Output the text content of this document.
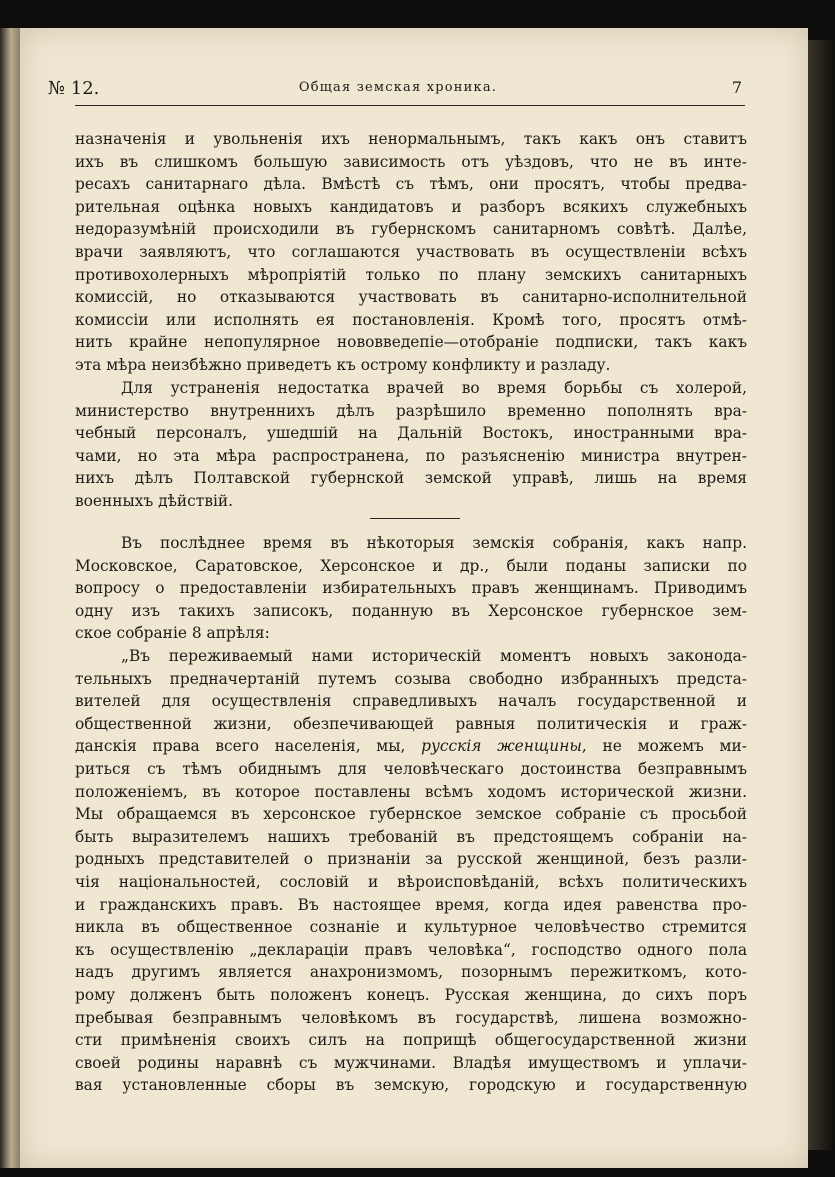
№ 12.	Общая земская хроника.	7

назначенія и увольненія ихъ ненормальнымъ, такъ какъ онъ ставитъ
ихъ въ слишкомъ большую зависимость отъ уѣздовъ, что не въ инте-
ресахъ санитарнаго дѣла. Вмѣстѣ съ тѣмъ, они просятъ, чтобы предва-
рительная оцѣнка новыхъ кандидатовъ и разборъ всякихъ служебныхъ
недоразумѣній происходили въ губернскомъ санитарномъ совѣтѣ. Далѣе,
врачи заявляютъ, что соглашаются участвовать въ осуществленіи всѣхъ
противохолерныхъ мѣропріятій только по плану земскихъ санитарныхъ
комиссій, но отказываются участвовать въ санитарно-исполнительной
комиссіи или исполнять ея постановленія. Кромѣ того, просятъ отмѣ-
нить крайне непопулярное нововведепіе—отобраніе подписки, такъ какъ
эта мѣра неизбѣжно приведетъ къ острому конфликту и разладу.

Для устраненія недостатка врачей во время борьбы съ холерой,
министерство внутреннихъ дѣлъ разрѣшило временно пополнять вра-
чебный персоналъ, ушедшій на Дальній Востокъ, иностранными вра-
чами, но эта мѣра распространена, по разъясненію министра внутрен-
нихъ дѣлъ Полтавской губернской земской управѣ, лишь на время
военныхъ дѣйствій.

Въ послѣднее время въ нѣкоторыя земскія собранія, какъ напр.
Московское, Саратовское, Херсонское и др., были поданы записки по
вопросу о предоставленіи избирательныхъ правъ женщинамъ. Приводимъ
одну изъ такихъ записокъ, поданную въ Херсонское губернское зем-
ское собраніе 8 апрѣля:

„Въ переживаемый нами историческій моментъ новыхъ законода-
тельныхъ предначертаній путемъ созыва свободно избранныхъ предста-
вителей для осуществленія справедливыхъ началъ государственной и
общественной жизни, обезпечивающей равныя политическія и граж-
данскія права всего населенія, мы, русскія женщины, не можемъ ми-
риться съ тѣмъ обиднымъ для человѣческаго достоинства безправнымъ
положеніемъ, въ которое поставлены всѣмъ ходомъ исторической жизни.
Мы обращаемся въ херсонское губернское земское собраніе съ просьбой
быть выразителемъ нашихъ требованій въ предстоящемъ собраніи на-
родныхъ представителей о признаніи за русской женщиной, безъ разли-
чія національностей, сословій и вѣроисповѣданій, всѣхъ политическихъ
и гражданскихъ правъ. Въ настоящее время, когда идея равенства про-
никла въ общественное сознаніе и культурное человѣчество стремится
къ осуществленію „декларацiи правъ человѣка“, господство одного пола
надъ другимъ является анахронизмомъ, позорнымъ пережиткомъ, кото-
рому долженъ быть положенъ конецъ. Русская женщина, до сихъ поръ
пребывая безправнымъ человѣкомъ въ государствѣ, лишена возможно-
сти примѣненія своихъ силъ на поприщѣ общегосударственной жизни
своей родины наравнѣ съ мужчинами. Владѣя имуществомъ и уплачи-
вая установленные сборы въ земскую, городскую и государственную
